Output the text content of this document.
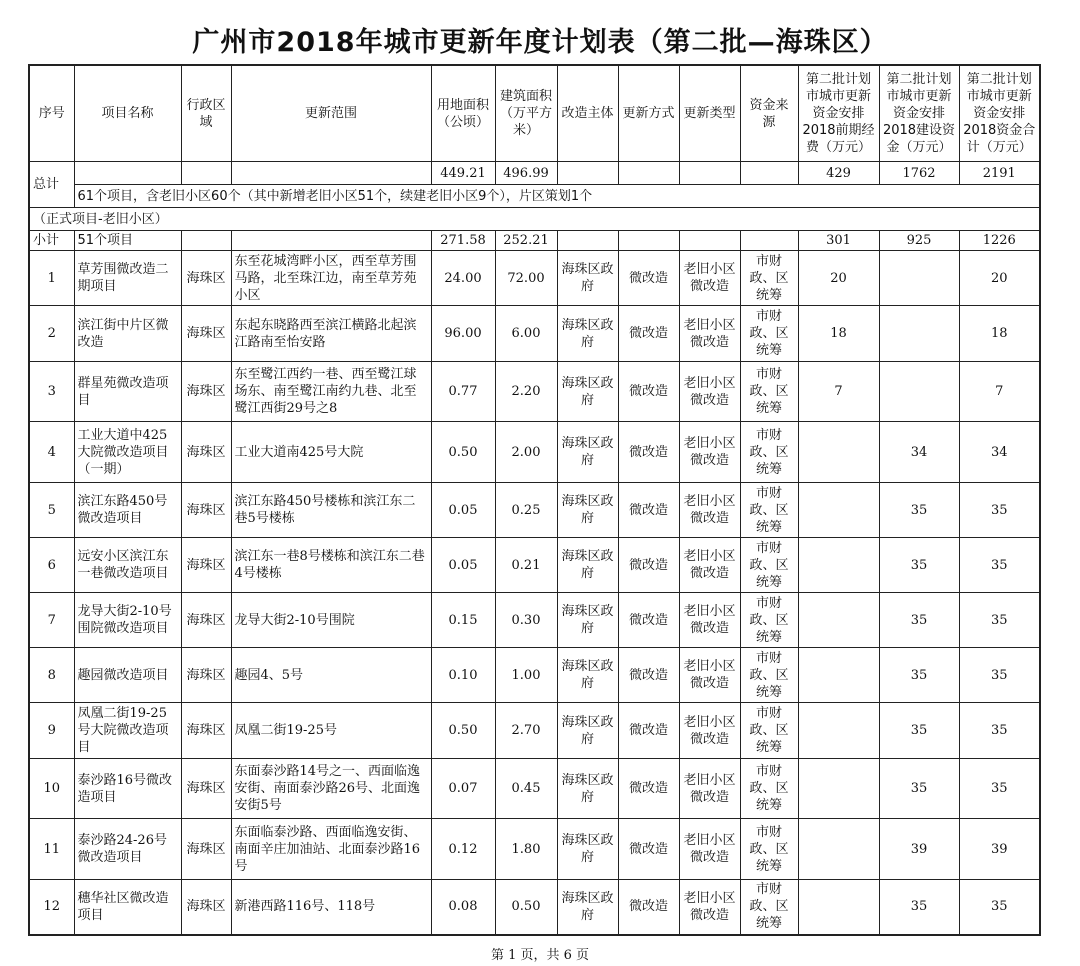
广州市2018年城市更新年度计划表（第二批—海珠区）
序号	项目名称	行政区域	更新范围	用地面积（公顷）	建筑面积（万平方米）	改造主体	更新方式	更新类型	资金来源	第二批计划市城市更新资金安排2018前期经费（万元）	第二批计划市城市更新资金安排2018建设资金（万元）	第二批计划市城市更新资金安排2018资金合计（万元）
总计				449.21	496.99					429	1762	2191
	61个项目，含老旧小区60个（其中新增老旧小区51个，续建老旧小区9个），片区策划1个											
（正式项目-老旧小区）												
小计	51个项目			271.58	252.21					301	925	1226
1	草芳围微改造二期项目	海珠区	东至花城湾畔小区，西至草芳围马路，北至珠江边，南至草芳苑小区	24.00	72.00	海珠区政府	微改造	老旧小区微改造	市财政、区统筹	20		20
2	滨江街中片区微改造	海珠区	东起东晓路西至滨江横路北起滨江路南至怡安路	96.00	6.00	海珠区政府	微改造	老旧小区微改造	市财政、区统筹	18		18
3	群星苑微改造项目	海珠区	东至鹭江西约一巷、西至鹭江球场东、南至鹭江南约九巷、北至鹭江西街29号之8	0.77	2.20	海珠区政府	微改造	老旧小区微改造	市财政、区统筹	7		7
4	工业大道中425大院微改造项目（一期）	海珠区	工业大道南425号大院	0.50	2.00	海珠区政府	微改造	老旧小区微改造	市财政、区统筹		34	34
5	滨江东路450号微改造项目	海珠区	滨江东路450号楼栋和滨江东二巷5号楼栋	0.05	0.25	海珠区政府	微改造	老旧小区微改造	市财政、区统筹		35	35
6	远安小区滨江东一巷微改造项目	海珠区	滨江东一巷8号楼栋和滨江东二巷4号楼栋	0.05	0.21	海珠区政府	微改造	老旧小区微改造	市财政、区统筹		35	35
7	龙导大街2-10号围院微改造项目	海珠区	龙导大街2-10号围院	0.15	0.30	海珠区政府	微改造	老旧小区微改造	市财政、区统筹		35	35
8	趣园微改造项目	海珠区	趣园4、5号	0.10	1.00	海珠区政府	微改造	老旧小区微改造	市财政、区统筹		35	35
9	凤凰二街19-25号大院微改造项目	海珠区	凤凰二街19-25号	0.50	2.70	海珠区政府	微改造	老旧小区微改造	市财政、区统筹		35	35
10	泰沙路16号微改造项目	海珠区	东面泰沙路14号之一、西面临逸安街、南面泰沙路26号、北面逸安街5号	0.07	0.45	海珠区政府	微改造	老旧小区微改造	市财政、区统筹		35	35
11	泰沙路24-26号微改造项目	海珠区	东面临泰沙路、西面临逸安街、南面辛庄加油站、北面泰沙路16号	0.12	1.80	海珠区政府	微改造	老旧小区微改造	市财政、区统筹		39	39
12	穗华社区微改造项目	海珠区	新港西路116号、118号	0.08	0.50	海珠区政府	微改造	老旧小区微改造	市财政、区统筹		35	35
第 1 页，共 6 页
